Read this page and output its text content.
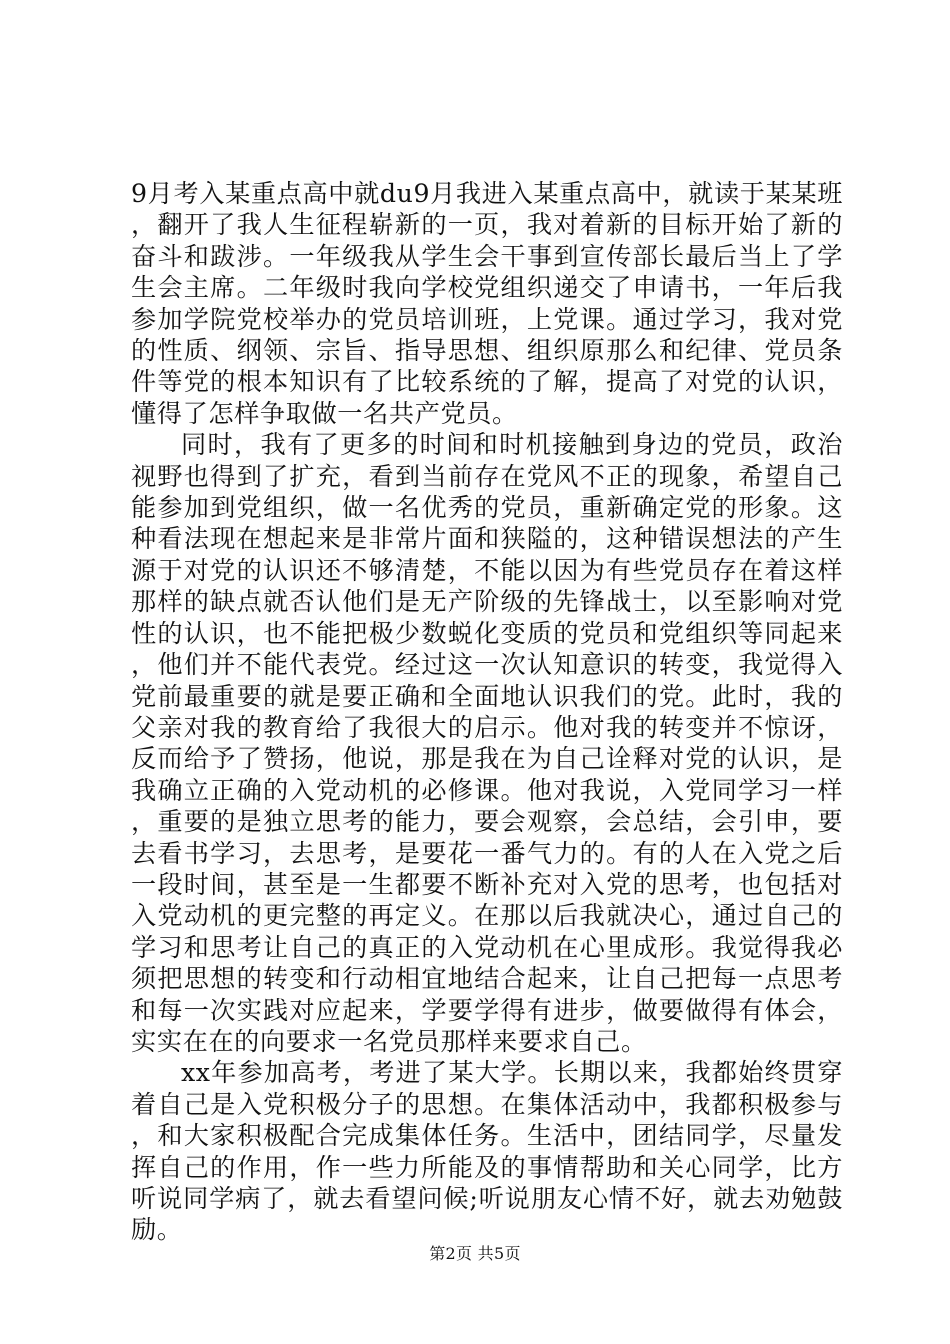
9月考入某重点高中就du9月我进入某重点高中，就读于某某班，翻开了我人生征程崭新的一页，我对着新的目标开始了新的奋斗和跋涉。一年级我从学生会干事到宣传部长最后当上了学生会主席。二年级时我向学校党组织递交了申请书，一年后我参加学院党校举办的党员培训班，上党课。通过学习，我对党的性质、纲领、宗旨、指导思想、组织原那么和纪律、党员条件等党的根本知识有了比较系统的了解，提高了对党的认识，懂得了怎样争取做一名共产党员。

同时，我有了更多的时间和时机接触到身边的党员，政治视野也得到了扩充，看到当前存在党风不正的现象，希望自己能参加到党组织，做一名优秀的党员，重新确定党的形象。这种看法现在想起来是非常片面和狭隘的，这种错误想法的产生源于对党的认识还不够清楚，不能以因为有些党员存在着这样那样的缺点就否认他们是无产阶级的先锋战士，以至影响对党性的认识，也不能把极少数蜕化变质的党员和党组织等同起来，他们并不能代表党。经过这一次认知意识的转变，我觉得入党前最重要的就是要正确和全面地认识我们的党。此时，我的父亲对我的教育给了我很大的启示。他对我的转变并不惊讶，反而给予了赞扬，他说，那是我在为自己诠释对党的认识，是我确立正确的入党动机的必修课。他对我说，入党同学习一样，重要的是独立思考的能力，要会观察，会总结，会引申，要去看书学习，去思考，是要花一番气力的。有的人在入党之后一段时间，甚至是一生都要不断补充对入党的思考，也包括对入党动机的更完整的再定义。在那以后我就决心，通过自己的学习和思考让自己的真正的入党动机在心里成形。我觉得我必须把思想的转变和行动相宜地结合起来，让自己把每一点思考和每一次实践对应起来，学要学得有进步，做要做得有体会，实实在在的向要求一名党员那样来要求自己。

xx年参加高考，考进了某大学。长期以来，我都始终贯穿着自己是入党积极分子的思想。在集体活动中，我都积极参与，和大家积极配合完成集体任务。生活中，团结同学，尽量发挥自己的作用，作一些力所能及的事情帮助和关心同学，比方听说同学病了，就去看望问候;听说朋友心情不好，就去劝勉鼓励。

第2页 共5页
